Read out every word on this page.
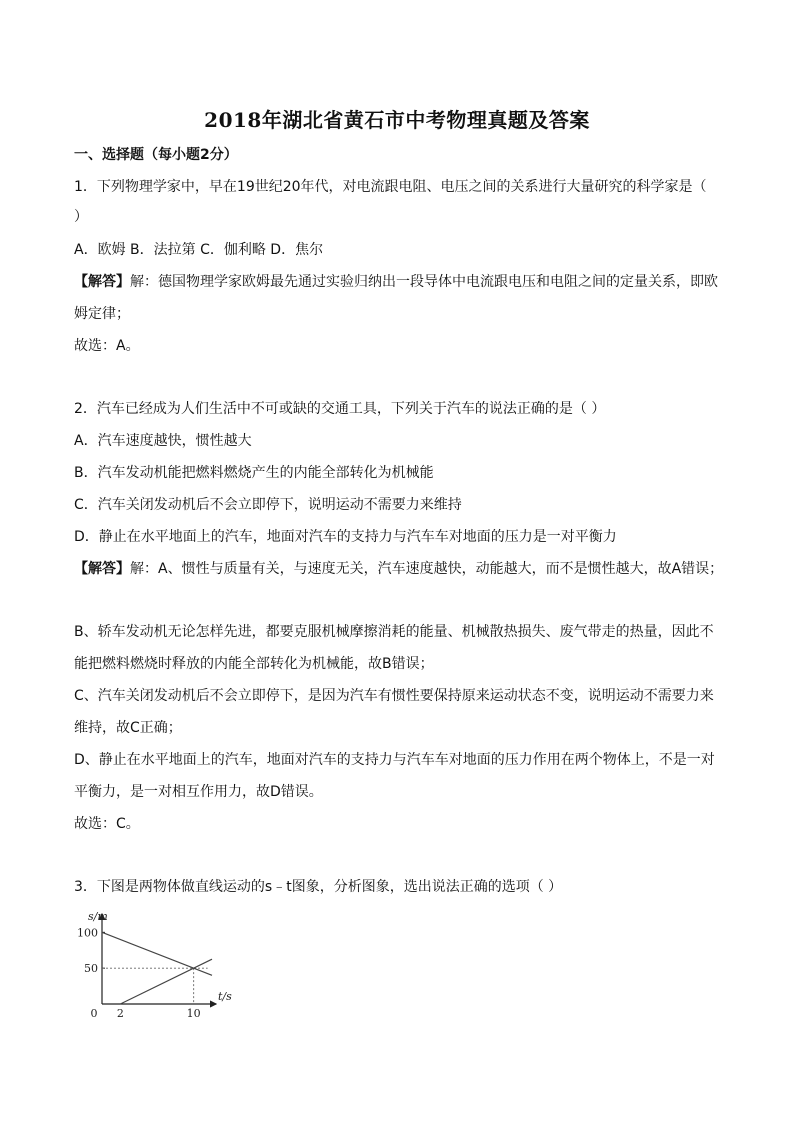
2018年湖北省黄石市中考物理真题及答案
一、选择题（每小题2分）
1．下列物理学家中，早在19世纪20年代，对电流跟电阻、电压之间的关系进行大量研究的科学家是（
）
A．欧姆 B．法拉第 C．伽利略 D．焦尔
【解答】解：德国物理学家欧姆最先通过实验归纳出一段导体中电流跟电压和电阻之间的定量关系，即欧
姆定律；
故选：A。
2．汽车已经成为人们生活中不可或缺的交通工具，下列关于汽车的说法正确的是（ ）
A．汽车速度越快，惯性越大
B．汽车发动机能把燃料燃烧产生的内能全部转化为机械能
C．汽车关闭发动机后不会立即停下，说明运动不需要力来维持
D．静止在水平地面上的汽车，地面对汽车的支持力与汽车车对地面的压力是一对平衡力
【解答】解：A、惯性与质量有关，与速度无关，汽车速度越快，动能越大，而不是惯性越大，故A错误；
B、轿车发动机无论怎样先进，都要克服机械摩擦消耗的能量、机械散热损失、废气带走的热量，因此不
能把燃料燃烧时释放的内能全部转化为机械能，故B错误；
C、汽车关闭发动机后不会立即停下，是因为汽车有惯性要保持原来运动状态不变，说明运动不需要力来
维持，故C正确；
D、静止在水平地面上的汽车，地面对汽车的支持力与汽车车对地面的压力作用在两个物体上，不是一对
平衡力，是一对相互作用力，故D错误。
故选：C。
3．下图是两物体做直线运动的s﹣t图象，分析图象，选出说法正确的选项（ ）
s/m
t/s
100
50
0 2	10
